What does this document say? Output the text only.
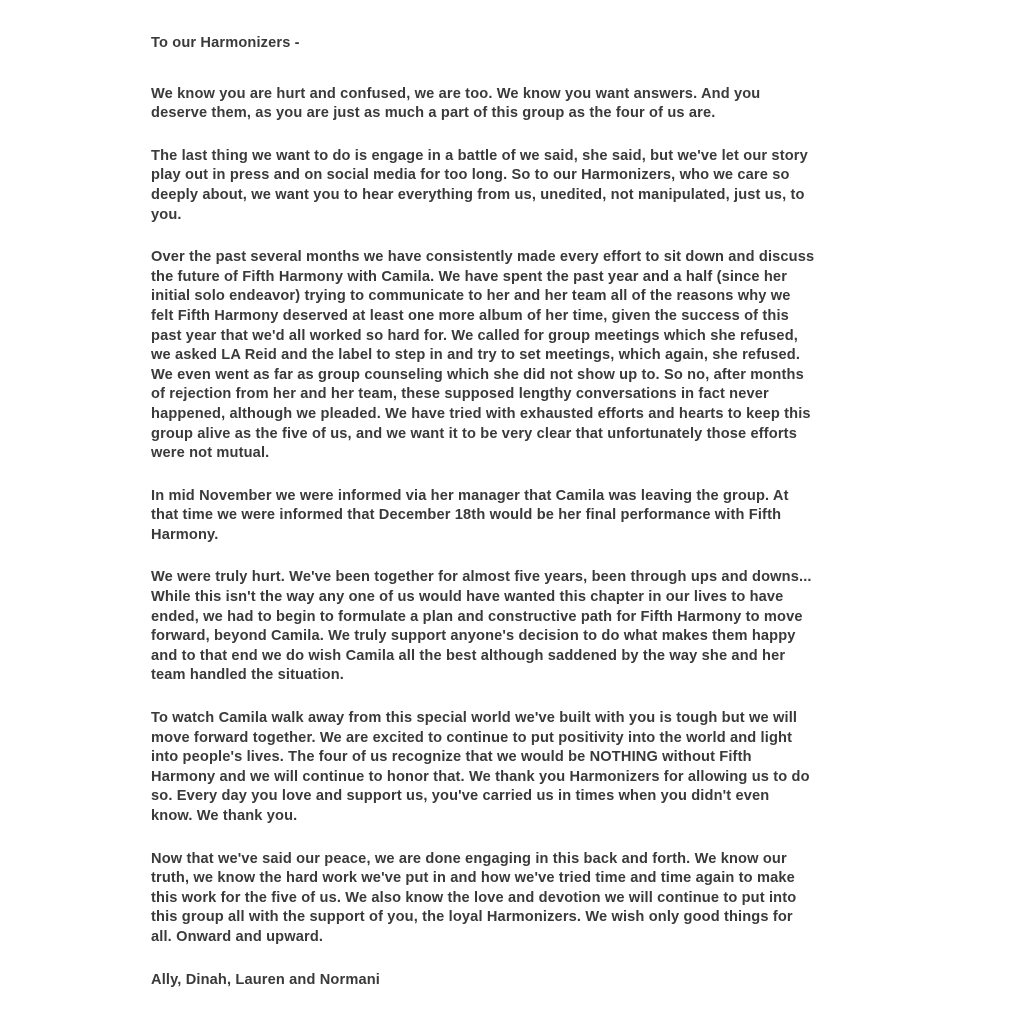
To our Harmonizers -

We know you are hurt and confused, we are too. We know you want answers. And you
deserve them, as you are just as much a part of this group as the four of us are.

The last thing we want to do is engage in a battle of we said, she said, but we've let our story
play out in press and on social media for too long. So to our Harmonizers, who we care so
deeply about, we want you to hear everything from us, unedited, not manipulated, just us, to
you.

Over the past several months we have consistently made every effort to sit down and discuss
the future of Fifth Harmony with Camila. We have spent the past year and a half (since her
initial solo endeavor) trying to communicate to her and her team all of the reasons why we
felt Fifth Harmony deserved at least one more album of her time, given the success of this
past year that we'd all worked so hard for. We called for group meetings which she refused,
we asked LA Reid and the label to step in and try to set meetings, which again, she refused.
We even went as far as group counseling which she did not show up to. So no, after months
of rejection from her and her team, these supposed lengthy conversations in fact never
happened, although we pleaded. We have tried with exhausted efforts and hearts to keep this
group alive as the five of us, and we want it to be very clear that unfortunately those efforts
were not mutual.

In mid November we were informed via her manager that Camila was leaving the group. At
that time we were informed that December 18th would be her final performance with Fifth
Harmony.

We were truly hurt. We've been together for almost five years, been through ups and downs...
While this isn't the way any one of us would have wanted this chapter in our lives to have
ended, we had to begin to formulate a plan and constructive path for Fifth Harmony to move
forward, beyond Camila. We truly support anyone's decision to do what makes them happy
and to that end we do wish Camila all the best although saddened by the way she and her
team handled the situation.

To watch Camila walk away from this special world we've built with you is tough but we will
move forward together. We are excited to continue to put positivity into the world and light
into people's lives. The four of us recognize that we would be NOTHING without Fifth
Harmony and we will continue to honor that. We thank you Harmonizers for allowing us to do
so. Every day you love and support us, you've carried us in times when you didn't even
know. We thank you.

Now that we've said our peace, we are done engaging in this back and forth. We know our
truth, we know the hard work we've put in and how we've tried time and time again to make
this work for the five of us. We also know the love and devotion we will continue to put into
this group all with the support of you, the loyal Harmonizers. We wish only good things for
all. Onward and upward.

Ally, Dinah, Lauren and Normani
